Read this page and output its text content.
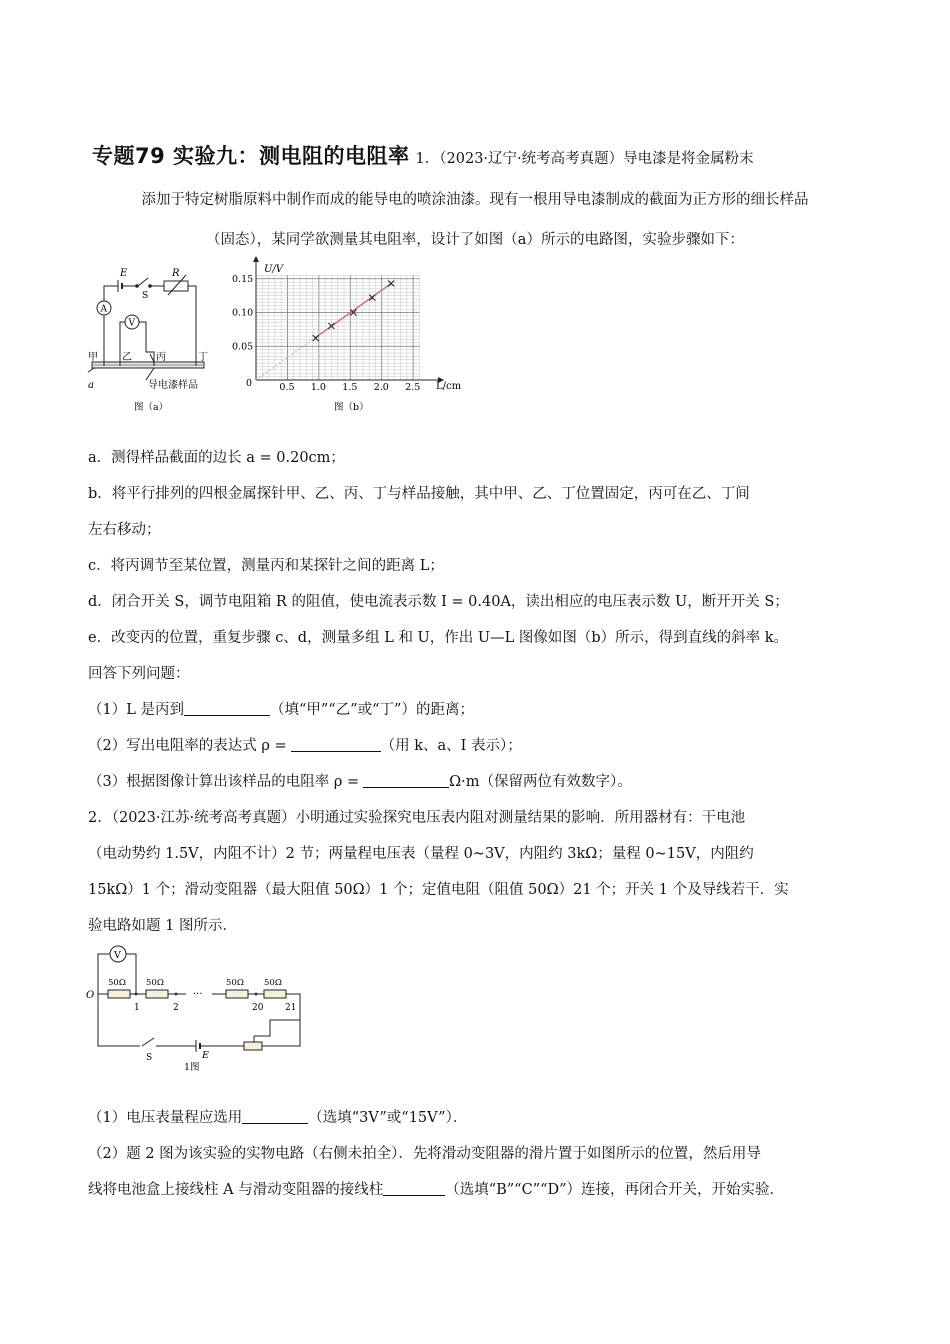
专题79 实验九：测电阻的电阻率 1．（2023·辽宁·统考高考真题）导电漆是将金属粉末
添加于特定树脂原料中制作而成的能导电的喷涂油漆。现有一根用导电漆制成的截面为正方形的细长样品
（固态），某同学欲测量其电阻率，设计了如图（a）所示的电路图，实验步骤如下：
E	R
S
A
V
甲 乙 丙	丁
a	导电漆样品
图（a）
0.5 1.0 1.5 2.0 2.5
0.05
0.10
0.15
U/V
L/cm
0
图（b）
a．测得样品截面的边长 a = 0.20cm；
b．将平行排列的四根金属探针甲、乙、丙、丁与样品接触，其中甲、乙、丁位置固定，丙可在乙、丁间
左右移动；
c．将丙调节至某位置，测量丙和某探针之间的距离 L；
d．闭合开关 S，调节电阻箱 R 的阻值，使电流表示数 I = 0.40A，读出相应的电压表示数 U，断开开关 S；
e．改变丙的位置，重复步骤 c、d，测量多组 L 和 U，作出 U—L 图像如图（b）所示，得到直线的斜率 k。
回答下列问题：
（1）L 是丙到	（填“甲”“乙”或“丁”）的距离；
（2）写出电阻率的表达式 ρ =	（用 k、a、I 表示）；
（3）根据图像计算出该样品的电阻率 ρ =	Ω·m（保留两位有效数字）。
2．（2023·江苏·统考高考真题）小明通过实验探究电压表内阻对测量结果的影响．所用器材有：干电池
（电动势约 1.5V，内阻不计）2 节；两量程电压表（量程 0~3V，内阻约 3kΩ；量程 0~15V，内阻约
15kΩ）1 个；滑动变阻器（最大阻值 50Ω）1 个；定值电阻（阻值 50Ω）21 个；开关 1 个及导线若干．实
验电路如题 1 图所示．
V
O
50Ω 50Ω	50Ω 50Ω
1	2
···
20 21
S	E
1图
（1）电压表量程应选用	（选填“3V”或“15V”）．
（2）题 2 图为该实验的实物电路（右侧未拍全）．先将滑动变阻器的滑片置于如图所示的位置，然后用导
线将电池盒上接线柱 A 与滑动变阻器的接线柱	（选填“B”“C”“D”）连接，再闭合开关，开始实验．
